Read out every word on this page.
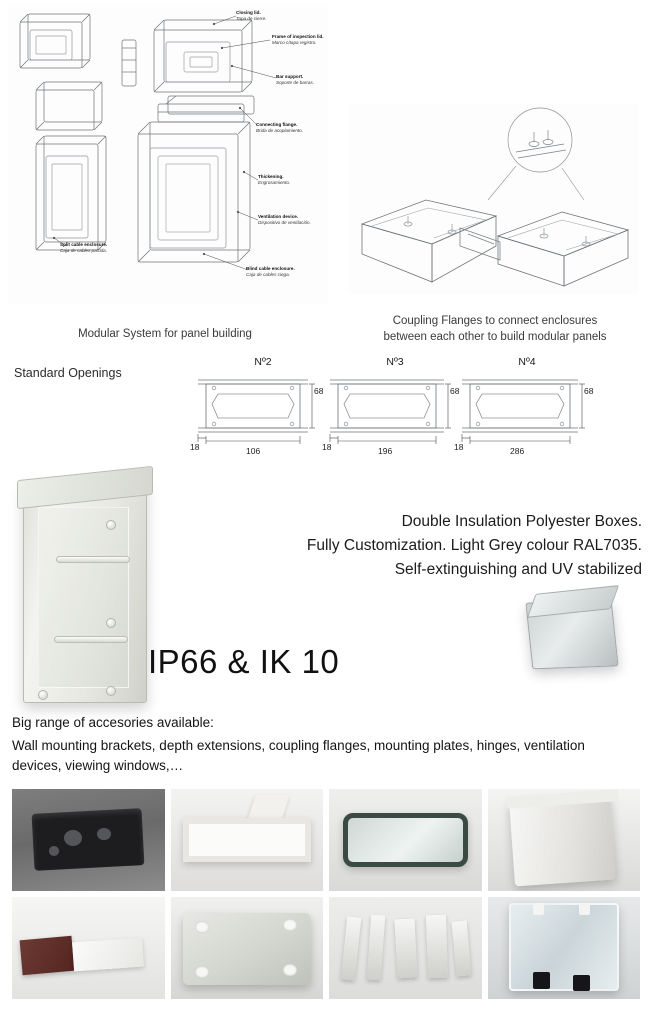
Closing lid.
Tapa de cierre.
Frame of inspection lid.
Marco c/tapa registro.
Bar support.
Soporte de barras.
Connecting flange.
Brida de acoplamiento.
Thickening.
Engrosamiento.
Ventilation device.
Dispositivo de ventilación.
Split cable enclosure.
Caja de cables partida.
Blind cable enclosure.
Caja de cables ciega.
Modular System for panel building
Coupling Flanges to connect enclosures
between each other to build modular panels
Standard Openings
Nº2
68
106
18
Nº3
68
196
18
Nº4
68
286
18
Double Insulation Polyester Boxes.
Fully Customization. Light Grey colour RAL7035.
Self-extinguishing and UV stabilized
IP66 & IK 10
Big range of accesories available:
Wall mounting brackets, depth extensions, coupling flanges, mounting plates, hinges, ventilation devices, viewing windows,…
